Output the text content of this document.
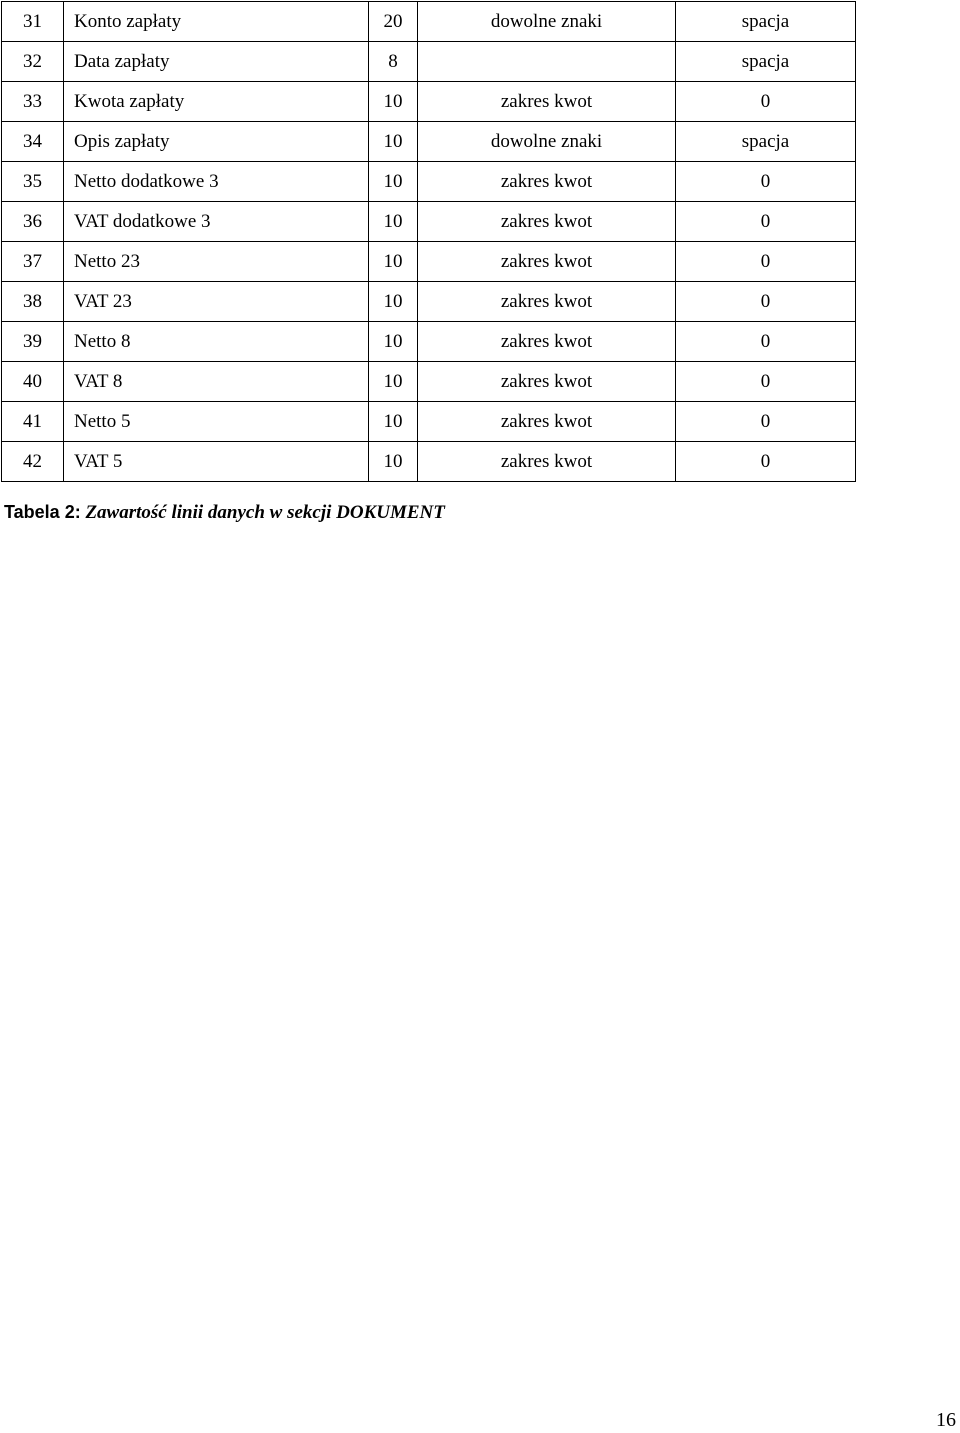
31	Konto zapłaty	20	dowolne znaki	spacja
32	Data zapłaty	8		spacja
33	Kwota zapłaty	10	zakres kwot	0
34	Opis zapłaty	10	dowolne znaki	spacja
35	Netto dodatkowe 3	10	zakres kwot	0
36	VAT dodatkowe 3	10	zakres kwot	0
37	Netto 23	10	zakres kwot	0
38	VAT 23	10	zakres kwot	0
39	Netto 8	10	zakres kwot	0
40	VAT 8	10	zakres kwot	0
41	Netto 5	10	zakres kwot	0
42	VAT 5	10	zakres kwot	0
Tabela 2: Zawartość linii danych w sekcji DOKUMENT
16
